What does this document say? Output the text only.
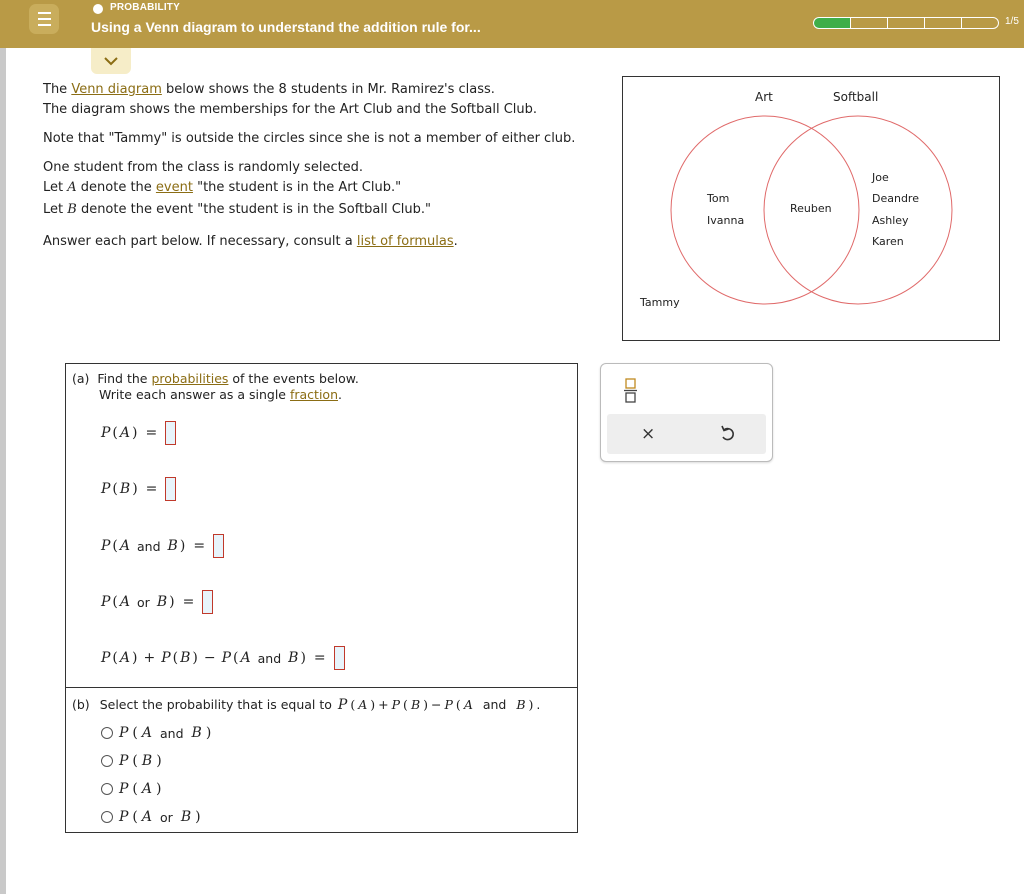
PROBABILITY
Using a Venn diagram to understand the addition rule for...	1/5

The Venn diagram below shows the 8 students in Mr. Ramirez's class.

The diagram shows the memberships for the Art Club and the Softball Club.

Note that "Tammy" is outside the circles since she is not a member of either club.

One student from the class is randomly selected.

Let A denote the event "the student is in the Art Club."

Let B denote the event "the student is in the Softball Club."

Answer each part below. If necessary, consult a list of formulas.

Art	Softball
Tom
Ivanna
Reuben
Joe
Deandre
Ashley
Karen
Tammy
(a) Find the probabilities of the events below.
Write each answer as a single fraction.
P ( A ) =
P ( B ) =
P ( A and B ) =
P ( A or B ) =
P ( A ) + P ( B ) − P ( A and B ) =
(b)
Select the probability that is equal to P ( A ) + P ( B ) − P ( A
and
B ) .
P ( A and B )
P ( B )
P ( A )
P ( A or B )
×
